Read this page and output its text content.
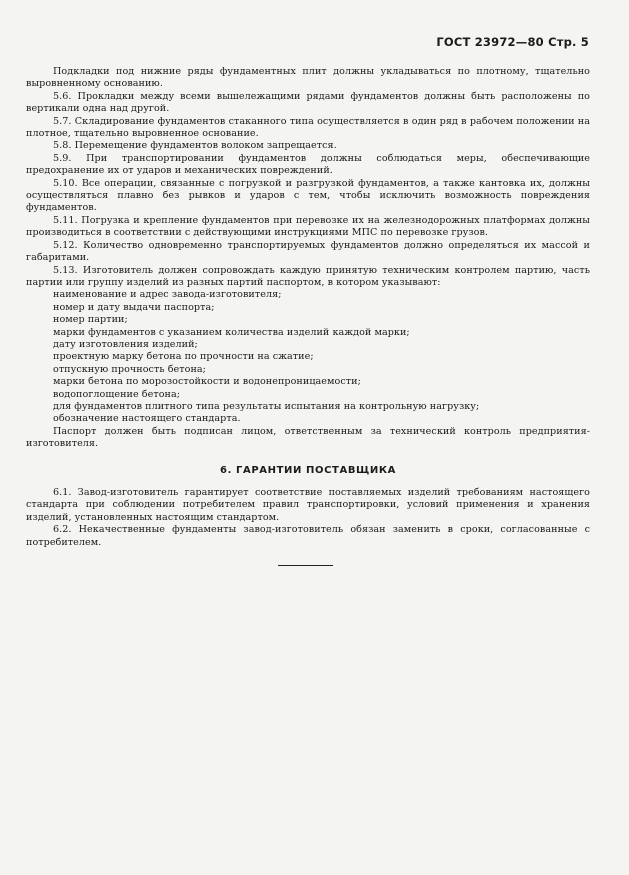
ГОСТ 23972—80 Стр. 5

Подкладки под нижние ряды фундаментных плит должны укладываться по плотному, тщательно выровненному основанию.

5.6. Прокладки между всеми вышележащими рядами фундаментов должны быть расположены по вертикали одна над другой.

5.7. Складирование фундаментов стаканного типа осуществляется в один ряд в рабочем положении на плотное, тщательно выровненное основание.

5.8. Перемещение фундаментов волоком запрещается.

5.9. При транспортировании фундаментов должны соблюдаться меры, обеспечивающие предохранение их от ударов и механических повреждений.

5.10. Все операции, связанные с погрузкой и разгрузкой фундаментов, а также кантовка их, должны осуществляться плавно без рывков и ударов с тем, чтобы исключить возможность повреждения фундаментов.

5.11. Погрузка и крепление фундаментов при перевозке их на железнодорожных платформах должны производиться в соответствии с действующими инструкциями МПС по перевозке грузов.

5.12. Количество одновременно транспортируемых фундаментов должно определяться их массой и габаритами.

5.13. Изготовитель должен сопровождать каждую принятую техническим контролем партию, часть партии или группу изделий из разных партий паспортом, в котором указывают:

наименование и адрес завода-изготовителя;

номер и дату выдачи паспорта;

номер партии;

марки фундаментов с указанием количества изделий каждой марки;

дату изготовления изделий;

проектную марку бетона по прочности на сжатие;

отпускную прочность бетона;

марки бетона по морозостойкости и водонепроницаемости;

водопоглощение бетона;

для фундаментов плитного типа результаты испытания на контрольную нагрузку;

обозначение настоящего стандарта.

Паспорт должен быть подписан лицом, ответственным за технический контроль предприятия-изготовителя.

6. ГАРАНТИИ ПОСТАВЩИКА

6.1. Завод-изготовитель гарантирует соответствие поставляемых изделий требованиям настоящего стандарта при соблюдении потребителем правил транспортировки, условий применения и хранения изделий, установленных настоящим стандартом.

6.2. Некачественные фундаменты завод-изготовитель обязан заменить в сроки, согласованные с потребителем.
